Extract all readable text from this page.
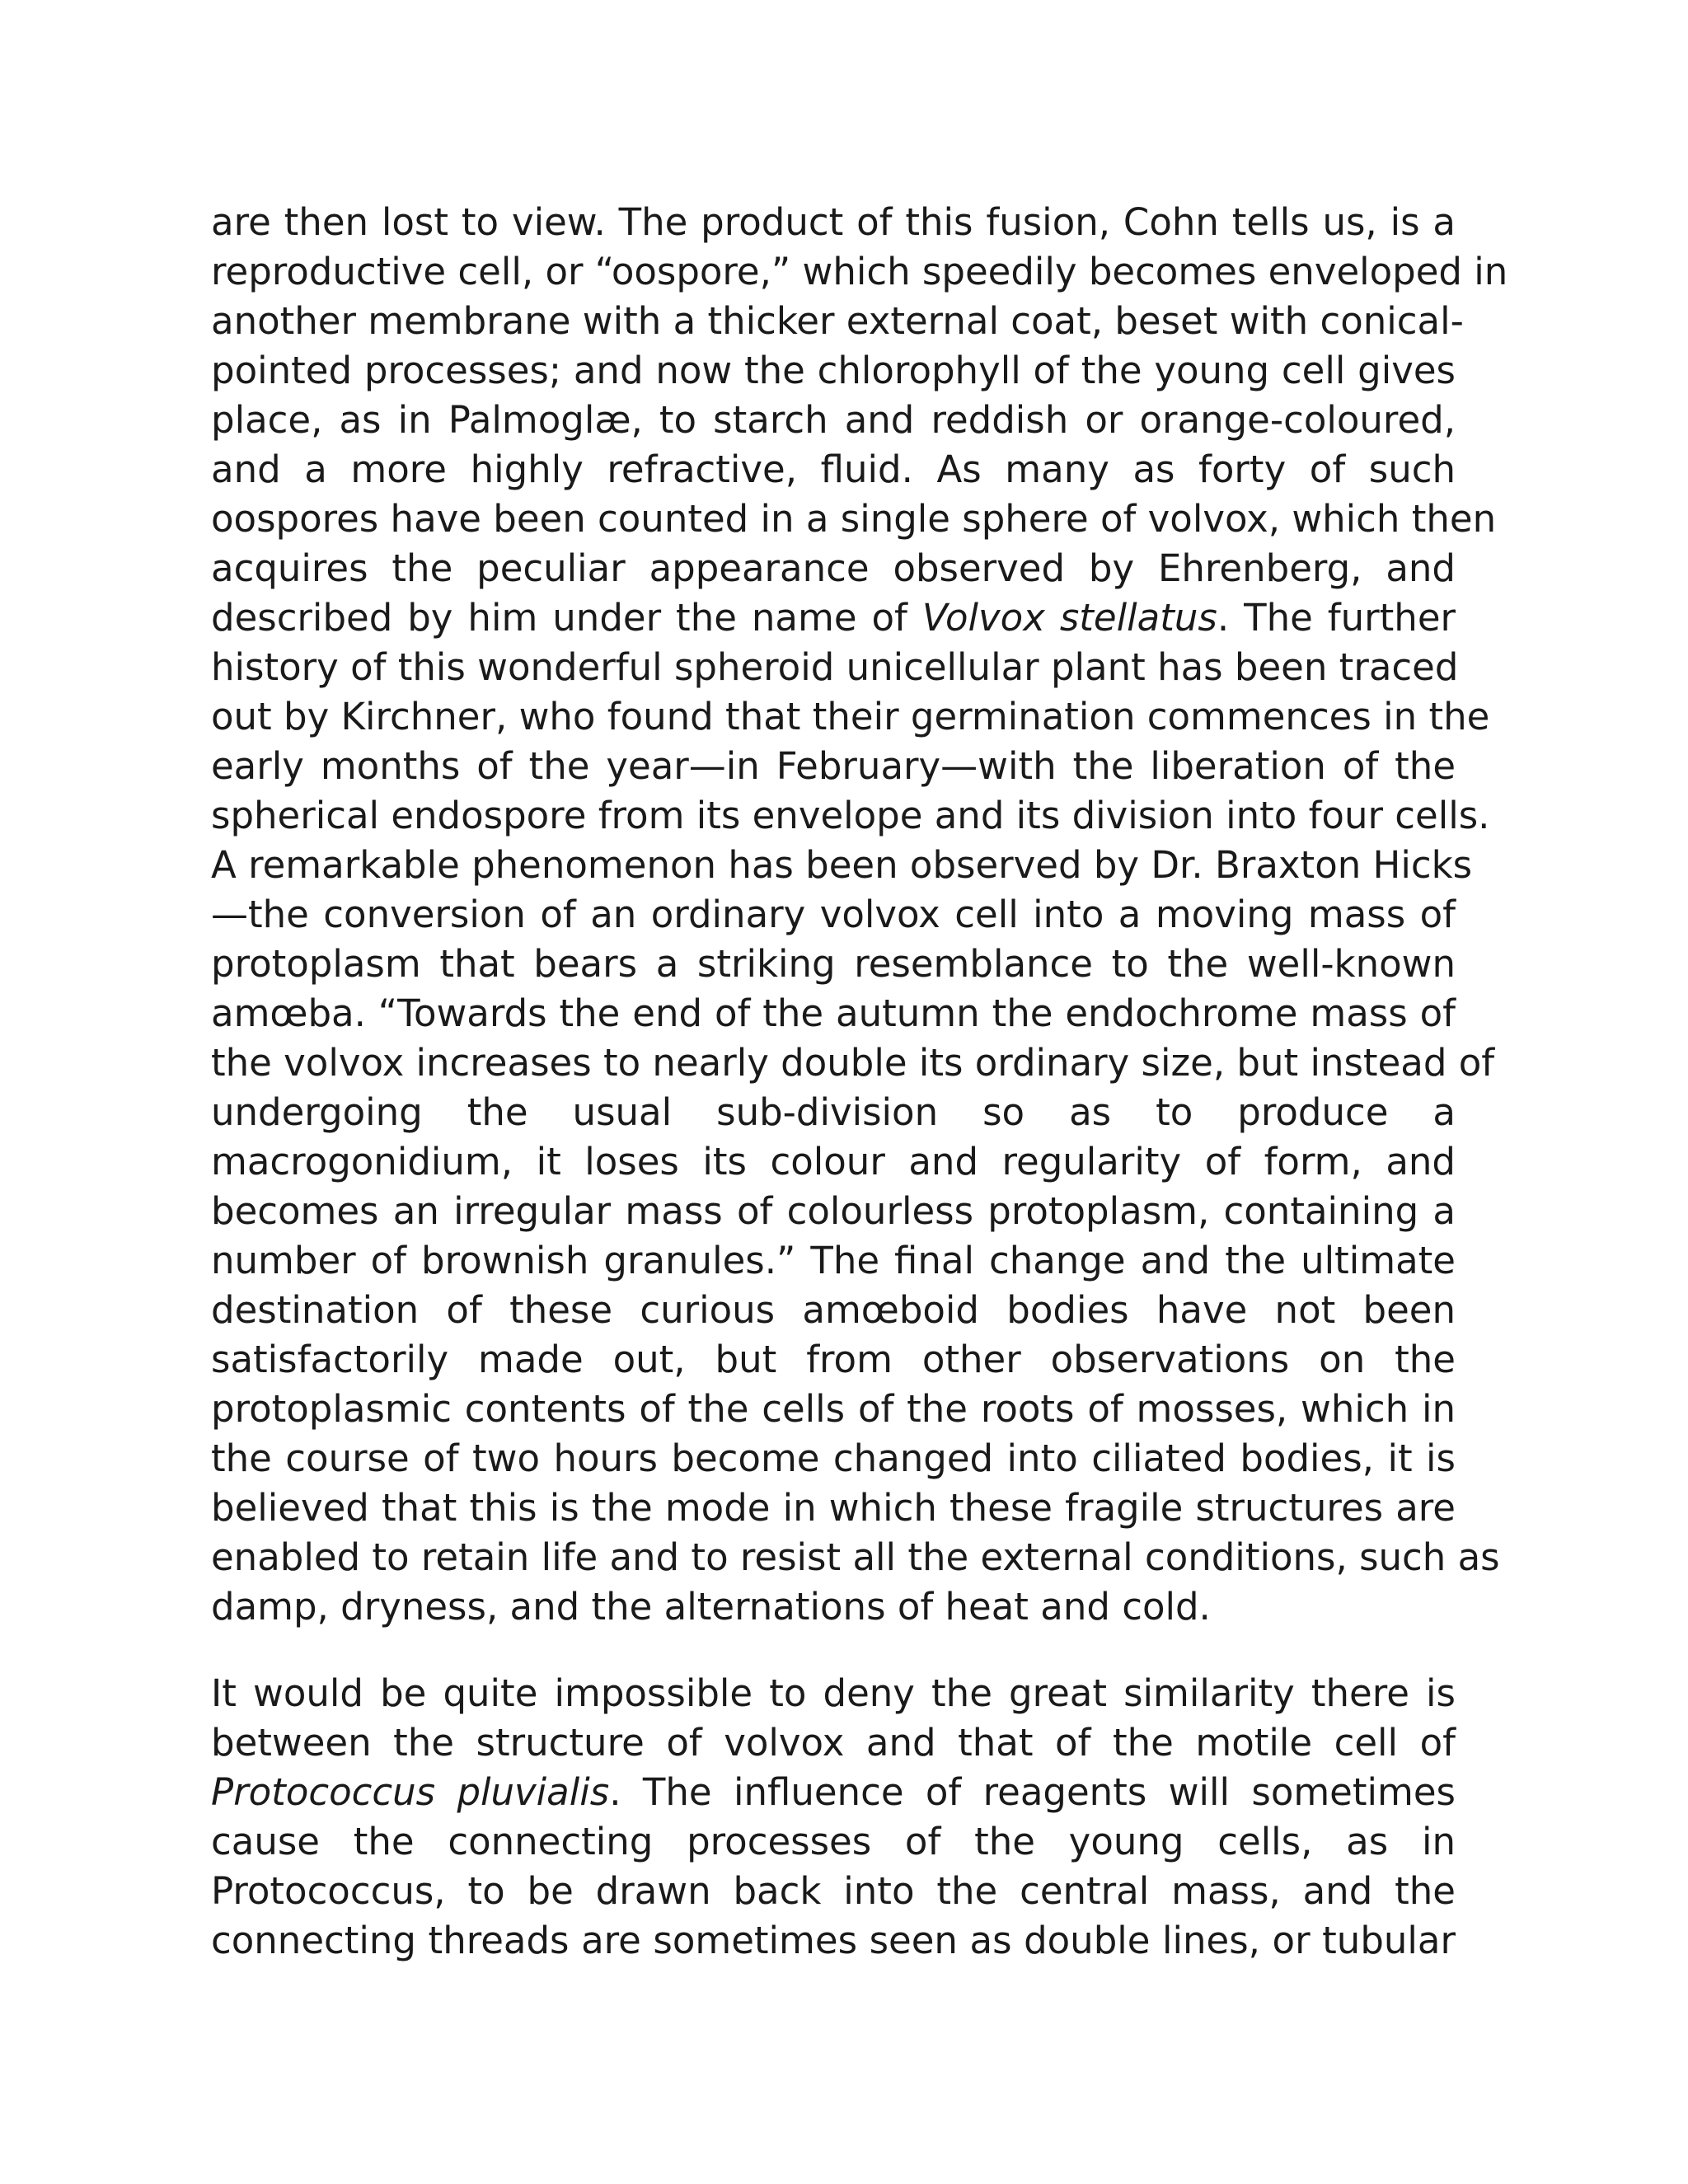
are then lost to view. The product of this fusion, Cohn tells us, is a
reproductive cell, or “oospore,” which speedily becomes enveloped in
another membrane with a thicker external coat, beset with conical-
pointed processes; and now the chlorophyll of the young cell gives
place, as in Palmoglæ, to starch and reddish or orange-coloured,
and a more highly refractive, fluid. As many as forty of such
oospores have been counted in a single sphere of volvox, which then
acquires the peculiar appearance observed by Ehrenberg, and
described by him under the name of Volvox stellatus. The further
history of this wonderful spheroid unicellular plant has been traced
out by Kirchner, who found that their germination commences in the
early months of the year—in February—with the liberation of the
spherical endospore from its envelope and its division into four cells.
A remarkable phenomenon has been observed by Dr. Braxton Hicks
—the conversion of an ordinary volvox cell into a moving mass of
protoplasm that bears a striking resemblance to the well-known
amœba. “Towards the end of the autumn the endochrome mass of
the volvox increases to nearly double its ordinary size, but instead of
undergoing the usual sub-division so as to produce a
macrogonidium, it loses its colour and regularity of form, and
becomes an irregular mass of colourless protoplasm, containing a
number of brownish granules.” The final change and the ultimate
destination of these curious amœboid bodies have not been
satisfactorily made out, but from other observations on the
protoplasmic contents of the cells of the roots of mosses, which in
the course of two hours become changed into ciliated bodies, it is
believed that this is the mode in which these fragile structures are
enabled to retain life and to resist all the external conditions, such as
damp, dryness, and the alternations of heat and cold.
It would be quite impossible to deny the great similarity there is
between the structure of volvox and that of the motile cell of
Protococcus pluvialis. The influence of reagents will sometimes
cause the connecting processes of the young cells, as in
Protococcus, to be drawn back into the central mass, and the
connecting threads are sometimes seen as double lines, or tubular
